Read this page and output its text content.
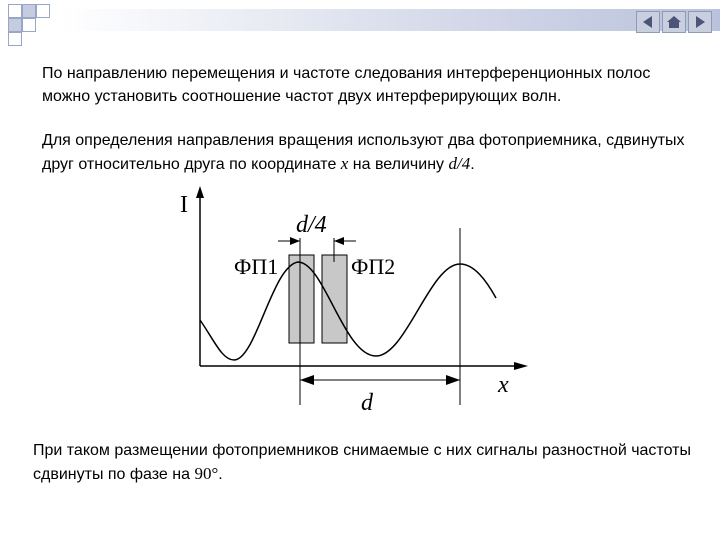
По направлению перемещения и частоте следования интерференционных полос можно установить соотношение частот двух интерферирующих волн.

Для определения направления вращения используют два фотоприемника, сдвинутых друг относительно друга по координате x на величину d/4.

I
x
ФП1	ФП2
d/4
d

При таком размещении фотоприемников снимаемые с них сигналы разностной частоты сдвинуты по фазе на 90°.
